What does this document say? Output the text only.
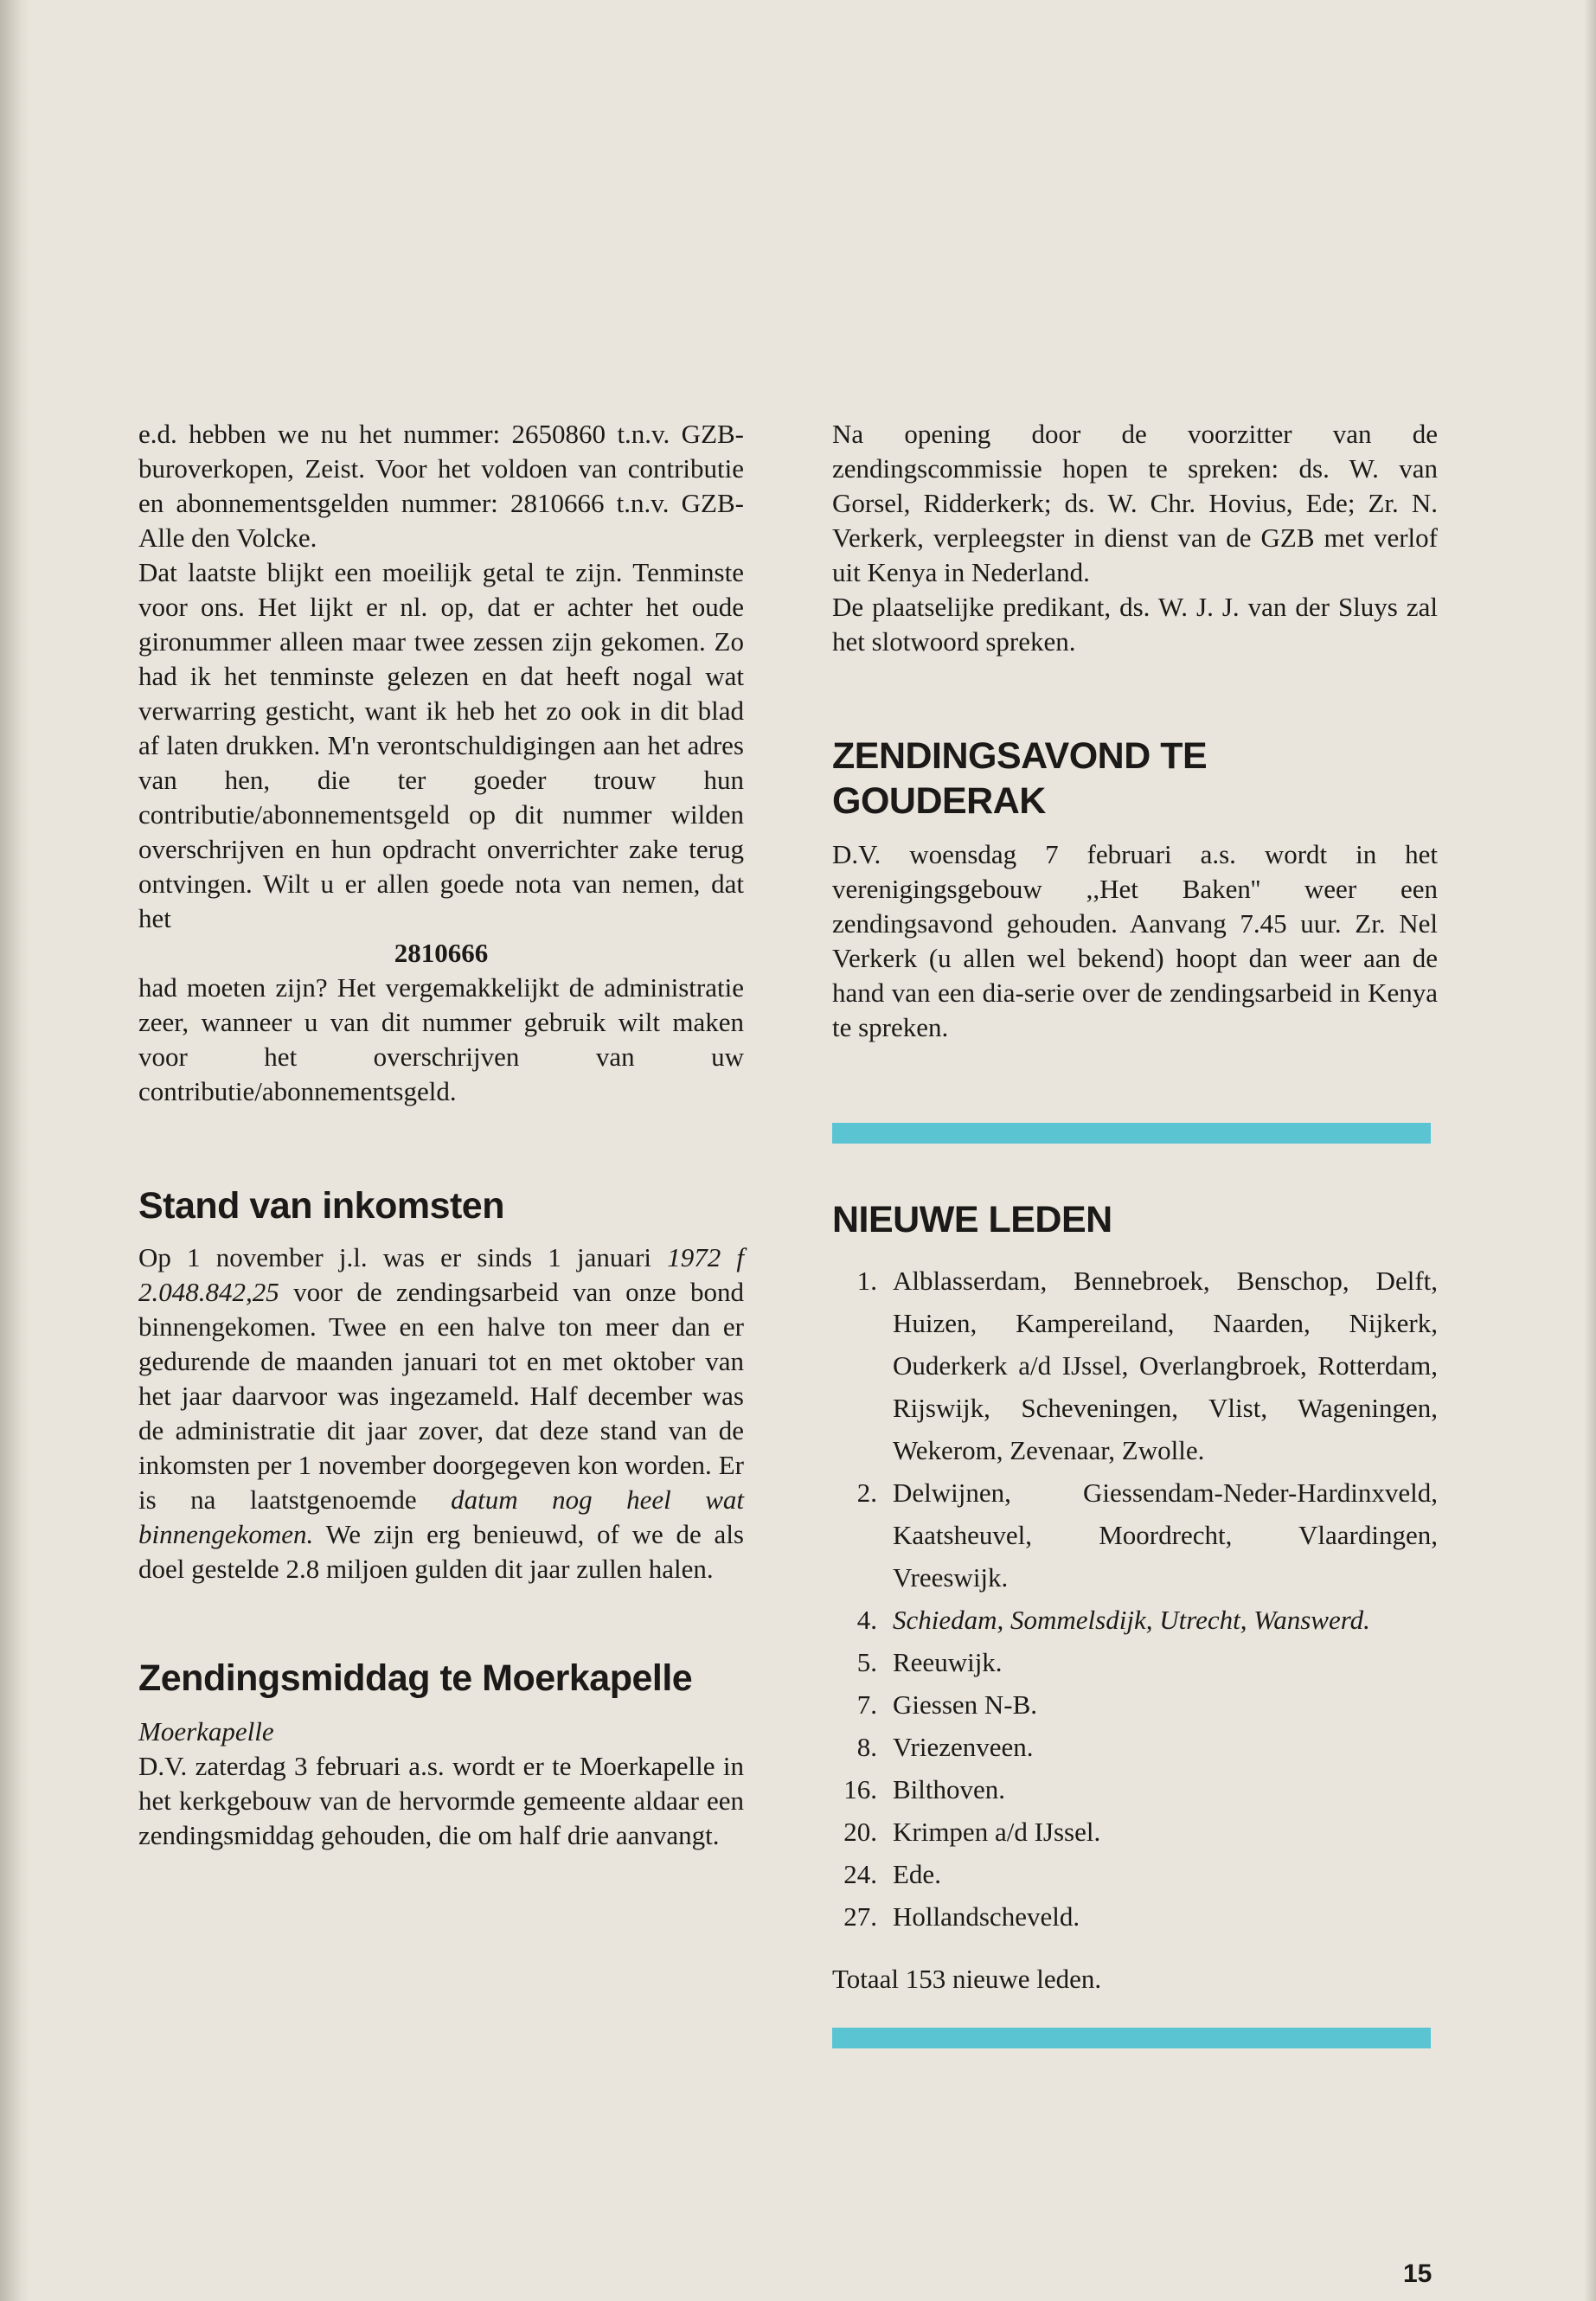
e.d. hebben we nu het nummer: 2650860 t.n.v. GZB-buroverkopen, Zeist. Voor het voldoen van contributie en abonnementsgelden nummer: 2810666 t.n.v. GZB-Alle den Volcke.

Dat laatste blijkt een moeilijk getal te zijn. Tenminste voor ons. Het lijkt er nl. op, dat er achter het oude gironummer alleen maar twee zessen zijn gekomen. Zo had ik het tenminste gelezen en dat heeft nogal wat verwarring gesticht, want ik heb het zo ook in dit blad af laten drukken. M'n verontschuldigingen aan het adres van hen, die ter goeder trouw hun contributie/abonnementsgeld op dit nummer wilden overschrijven en hun opdracht onverrichter zake terug ontvingen. Wilt u er allen goede nota van nemen, dat het

2810666

had moeten zijn? Het vergemakkelijkt de administratie zeer, wanneer u van dit nummer gebruik wilt maken voor het overschrijven van uw contributie/abonnementsgeld.

Stand van inkomsten

Op 1 november j.l. was er sinds 1 januari 1972 f 2.048.842,25 voor de zendingsarbeid van onze bond binnengekomen. Twee en een halve ton meer dan er gedurende de maanden januari tot en met oktober van het jaar daarvoor was ingezameld. Half december was de administratie dit jaar zover, dat deze stand van de inkomsten per 1 november doorgegeven kon worden. Er is na laatstgenoemde datum nog heel wat binnengekomen. We zijn erg benieuwd, of we de als doel gestelde 2.8 miljoen gulden dit jaar zullen halen.

Zendingsmiddag te Moerkapelle

Moerkapelle

D.V. zaterdag 3 februari a.s. wordt er te Moerkapelle in het kerkgebouw van de hervormde gemeente aldaar een zendingsmiddag gehouden, die om half drie aanvangt.

Na opening door de voorzitter van de zendingscommissie hopen te spreken: ds. W. van Gorsel, Ridderkerk; ds. W. Chr. Hovius, Ede; Zr. N. Verkerk, verpleegster in dienst van de GZB met verlof uit Kenya in Nederland.

De plaatselijke predikant, ds. W. J. J. van der Sluys zal het slotwoord spreken.

ZENDINGSAVOND TE GOUDERAK

D.V. woensdag 7 februari a.s. wordt in het verenigingsgebouw ,,Het Baken'' weer een zendingsavond gehouden. Aanvang 7.45 uur. Zr. Nel Verkerk (u allen wel bekend) hoopt dan weer aan de hand van een dia-serie over de zendingsarbeid in Kenya te spreken.

NIEUWE LEDEN
1. Alblasserdam, Bennebroek, Benschop, Delft, Huizen, Kampereiland, Naarden, Nijkerk, Ouderkerk a/d IJssel, Overlangbroek, Rotterdam, Rijswijk, Scheveningen, Vlist, Wageningen, Wekerom, Zevenaar, Zwolle.
2. Delwijnen, Giessendam-Neder-Hardinxveld, Kaatsheuvel, Moordrecht, Vlaardingen, Vreeswijk.
4. Schiedam, Sommelsdijk, Utrecht, Wanswerd.
5. Reeuwijk.
7. Giessen N-B.
8. Vriezenveen.
16. Bilthoven.
20. Krimpen a/d IJssel.
24. Ede.
27. Hollandscheveld.

Totaal 153 nieuwe leden.

15
